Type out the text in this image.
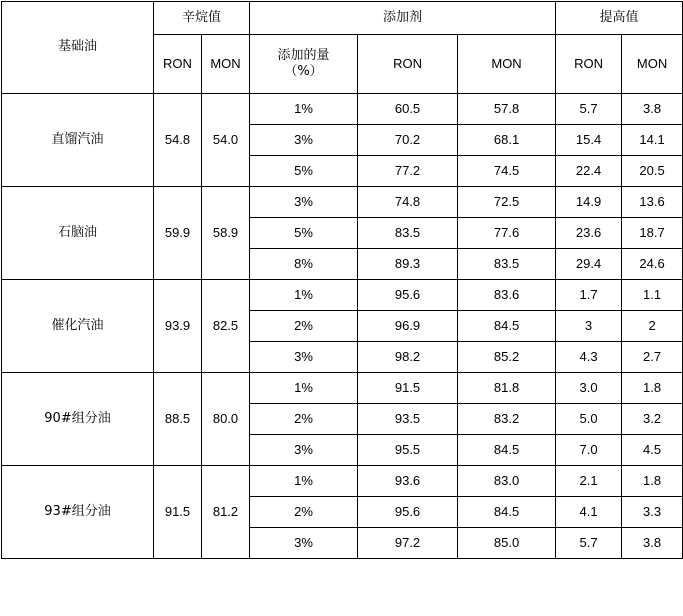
基础油	辛烷值		添加剂			提高值	
	RON	MON	添加的量
（%）	RON	MON	RON	MON
直馏汽油	54.8	54.0	1%	60.5	57.8	5.7	3.8
			3%	70.2	68.1	15.4	14.1
			5%	77.2	74.5	22.4	20.5
石脑油	59.9	58.9	3%	74.8	72.5	14.9	13.6
			5%	83.5	77.6	23.6	18.7
			8%	89.3	83.5	29.4	24.6
催化汽油	93.9	82.5	1%	95.6	83.6	1.7	1.1
			2%	96.9	84.5	3	2
			3%	98.2	85.2	4.3	2.7
90#组分油	88.5	80.0	1%	91.5	81.8	3.0	1.8
			2%	93.5	83.2	5.0	3.2
			3%	95.5	84.5	7.0	4.5
93#组分油	91.5	81.2	1%	93.6	83.0	2.1	1.8
			2%	95.6	84.5	4.1	3.3
			3%	97.2	85.0	5.7	3.8
